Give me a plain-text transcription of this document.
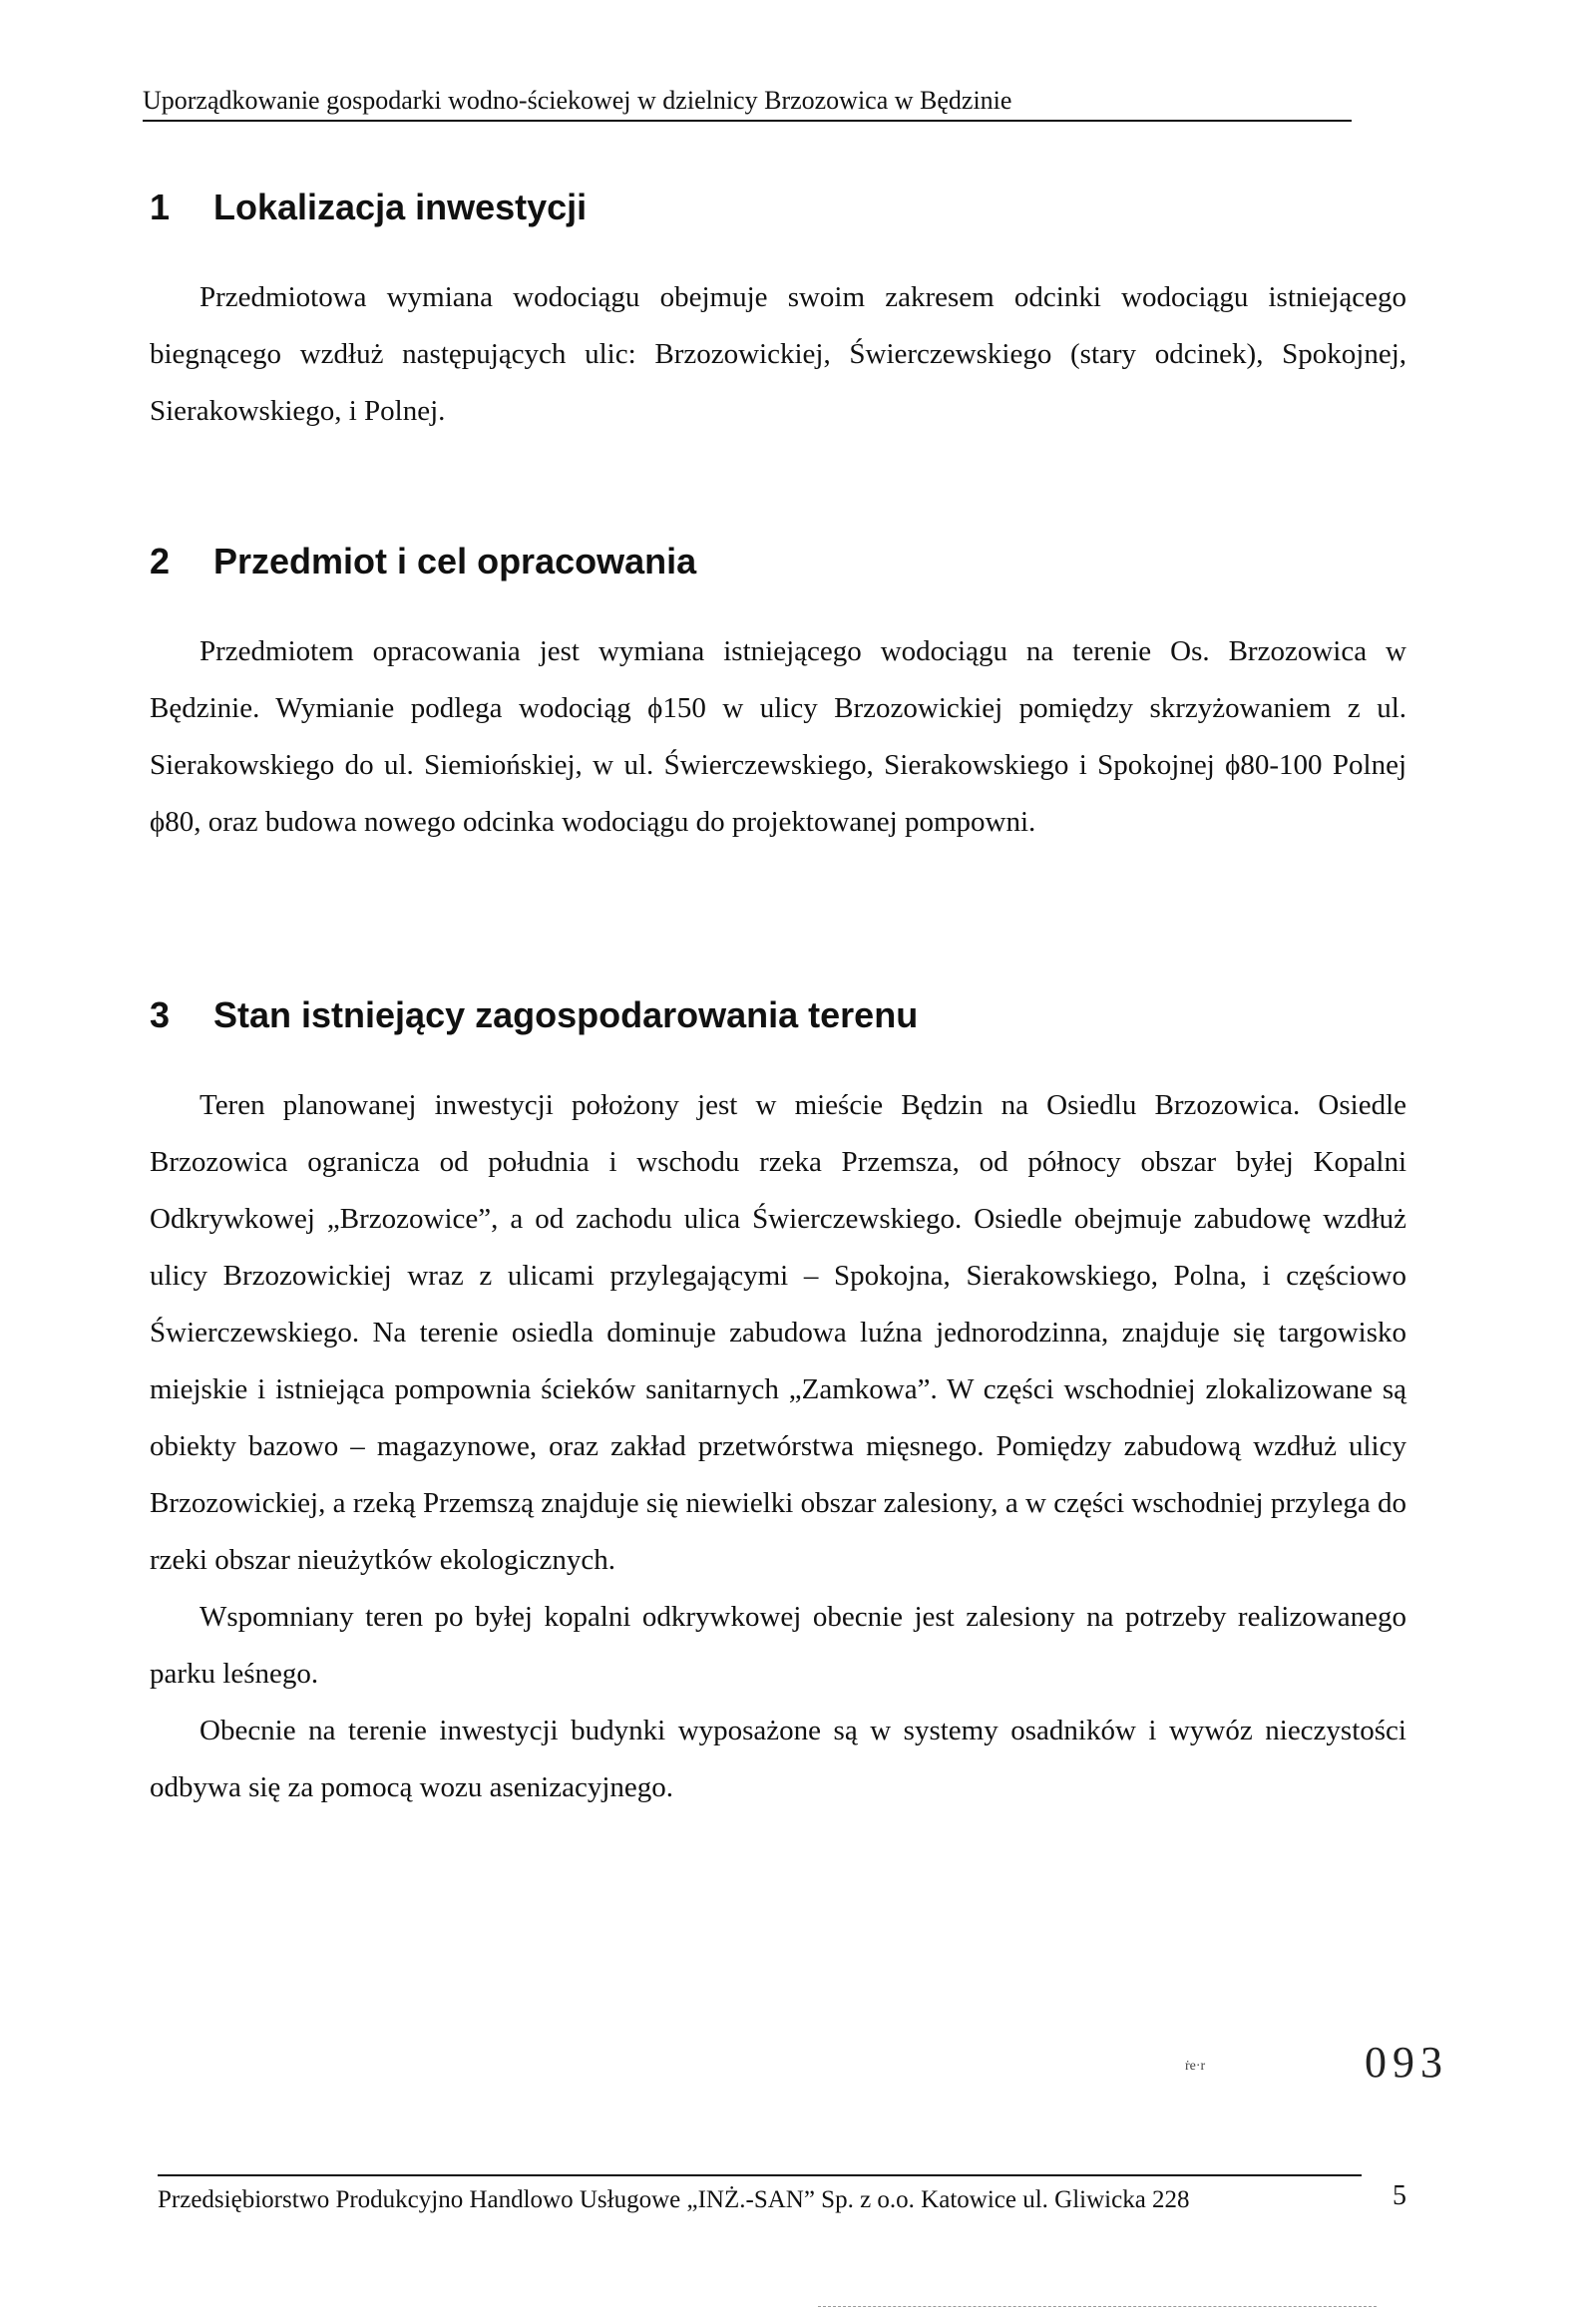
Uporządkowanie gospodarki wodno-ściekowej w dzielnicy Brzozowica w Będzinie
1 Lokalizacja inwestycji

Przedmiotowa wymiana wodociągu obejmuje swoim zakresem odcinki wodociągu istniejącego biegnącego wzdłuż następujących ulic: Brzozowickiej, Świerczewskiego (stary odcinek), Spokojnej, Sierakowskiego, i Polnej.

2 Przedmiot i cel opracowania

Przedmiotem opracowania jest wymiana istniejącego wodociągu na terenie Os. Brzozowica w Będzinie. Wymianie podlega wodociąg ϕ150 w ulicy Brzozowickiej pomiędzy skrzyżowaniem z ul. Sierakowskiego do ul. Siemiońskiej, w ul. Świerczewskiego, Sierakowskiego i Spokojnej ϕ80-100 Polnej ϕ80, oraz budowa nowego odcinka wodociągu do projektowanej pompowni.

3 Stan istniejący zagospodarowania terenu

Teren planowanej inwestycji położony jest w mieście Będzin na Osiedlu Brzozowica. Osiedle Brzozowica ogranicza od południa i wschodu rzeka Przemsza, od północy obszar byłej Kopalni Odkrywkowej „Brzozowice”, a od zachodu ulica Świerczewskiego. Osiedle obejmuje zabudowę wzdłuż ulicy Brzozowickiej wraz z ulicami przylegającymi – Spokojna, Sierakowskiego, Polna, i częściowo Świerczewskiego. Na terenie osiedla dominuje zabudowa luźna jednorodzinna, znajduje się targowisko miejskie i istniejąca pompownia ścieków sanitarnych „Zamkowa”. W części wschodniej zlokalizowane są obiekty bazowo – magazynowe, oraz zakład przetwórstwa mięsnego. Pomiędzy zabudową wzdłuż ulicy Brzozowickiej, a rzeką Przemszą znajduje się niewielki obszar zalesiony, a w części wschodniej przylega do rzeki obszar nieużytków ekologicznych.

Wspomniany teren po byłej kopalni odkrywkowej obecnie jest zalesiony na potrzeby realizowanego parku leśnego.

Obecnie na terenie inwestycji budynki wyposażone są w systemy osadników i wywóz nieczystości odbywa się za pomocą wozu asenizacyjnego.

ṙe·r	093
Przedsiębiorstwo Produkcyjno Handlowo Usługowe „INŻ.-SAN” Sp. z o.o. Katowice ul. Gliwicka 228	5
